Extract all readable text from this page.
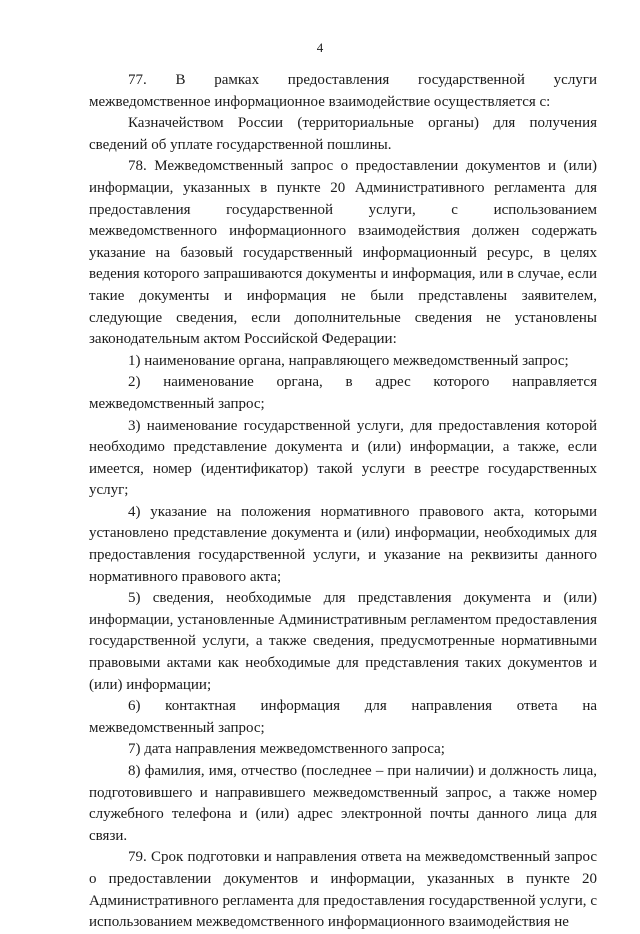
4

77. В рамках предоставления государственной услуги межведомственное информационное взаимодействие осуществляется с:

Казначейством России (территориальные органы) для получения сведений об уплате государственной пошлины.

78. Межведомственный запрос о предоставлении документов и (или) информации, указанных в пункте 20 Административного регламента для предоставления государственной услуги, с использованием межведомственного информационного взаимодействия должен содержать указание на базовый государственный информационный ресурс, в целях ведения которого запрашиваются документы и информация, или в случае, если такие документы и информация не были представлены заявителем, следующие сведения, если дополнительные сведения не установлены законодательным актом Российской Федерации:

1) наименование органа, направляющего межведомственный запрос;

2) наименование органа, в адрес которого направляется межведомственный запрос;

3) наименование государственной услуги, для предоставления которой необходимо представление документа и (или) информации, а также, если имеется, номер (идентификатор) такой услуги в реестре государственных услуг;

4) указание на положения нормативного правового акта, которыми установлено представление документа и (или) информации, необходимых для предоставления государственной услуги, и указание на реквизиты данного нормативного правового акта;

5) сведения, необходимые для представления документа и (или) информации, установленные Административным регламентом предоставления государственной услуги, а также сведения, предусмотренные нормативными правовыми актами как необходимые для представления таких документов и (или) информации;

6) контактная информация для направления ответа на межведомственный запрос;

7) дата направления межведомственного запроса;

8) фамилия, имя, отчество (последнее – при наличии) и должность лица, подготовившего и направившего межведомственный запрос, а также номер служебного телефона и (или) адрес электронной почты данного лица для связи.

79. Срок подготовки и направления ответа на межведомственный запрос о предоставлении документов и информации, указанных в пункте 20 Административного регламента для предоставления государственной услуги, с использованием межведомственного информационного взаимодействия не
